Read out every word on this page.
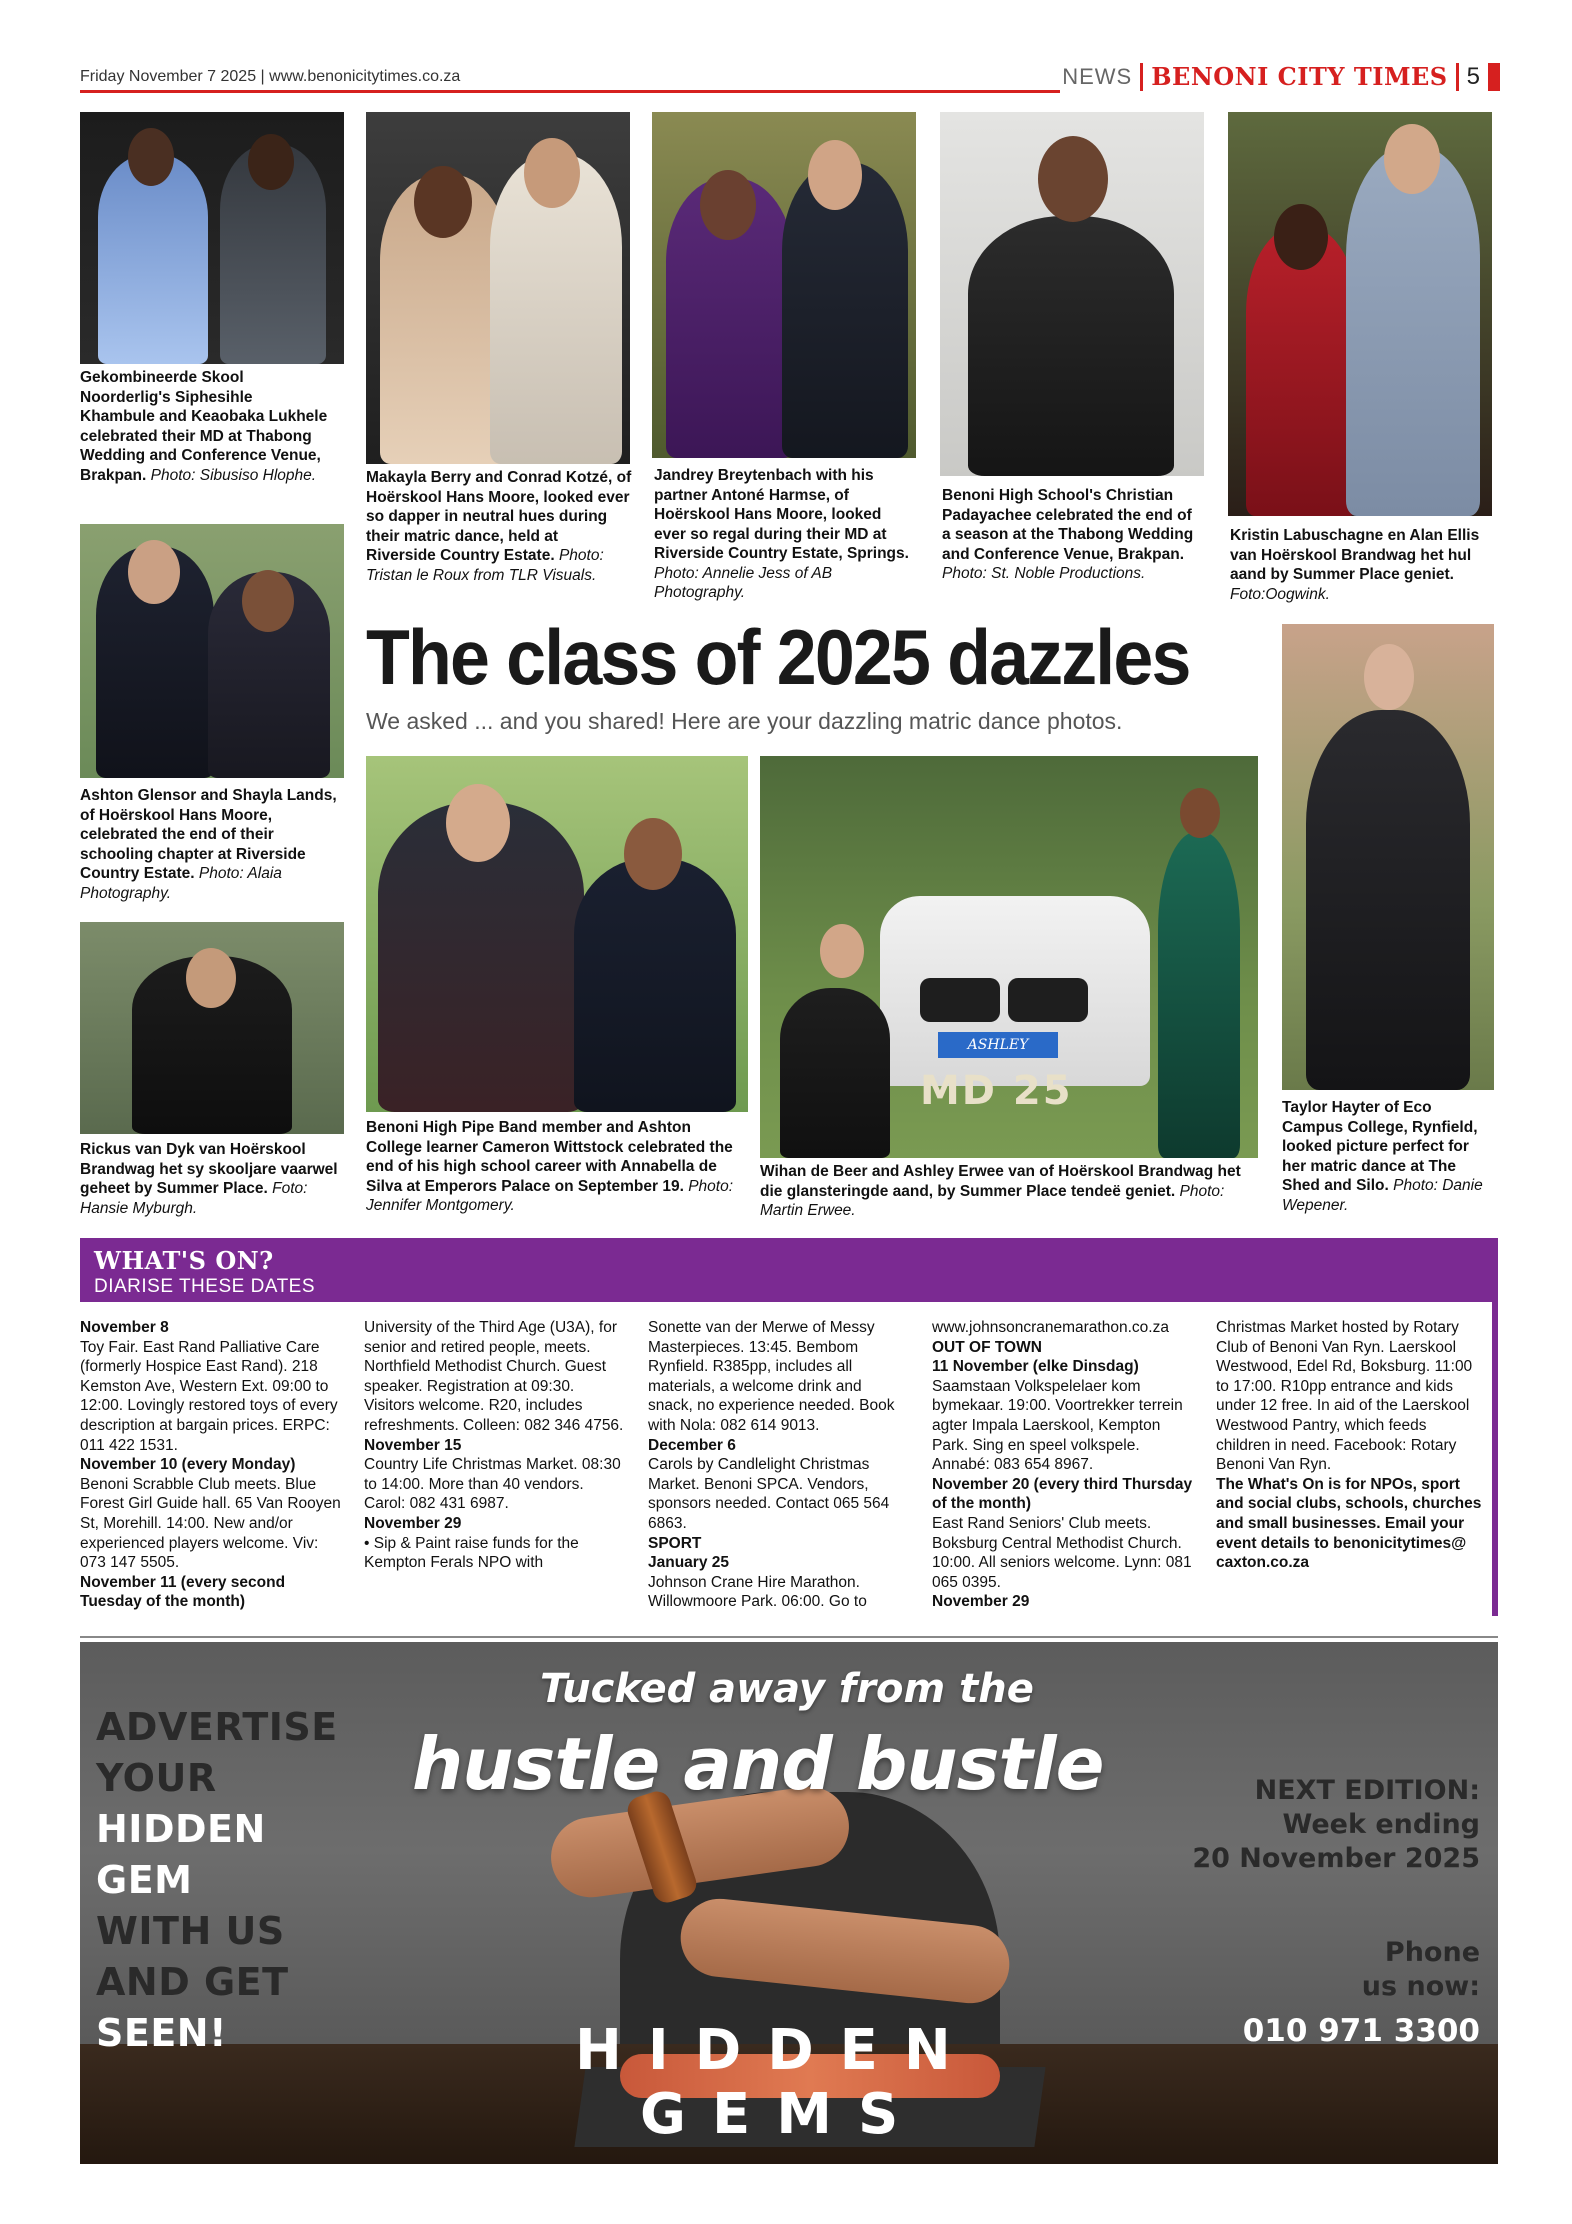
Friday November 7 2025 | www.benonicitytimes.co.za	NEWS BENONI CITY TIMES 5
Gekombineerde Skool Noorderlig's Siphesihle Khambule and Keaobaka Lukhele celebrated their MD at Thabong Wedding and Conference Venue, Brakpan. Photo: Sibusiso Hlophe.	Makayla Berry and Conrad Kotzé, of Hoërskool Hans Moore, looked ever so dapper in neutral hues during their matric dance, held at Riverside Country Estate. Photo: Tristan le Roux from TLR Visuals.
Jandrey Breytenbach with his partner Antoné Harmse, of Hoërskool Hans Moore, looked ever so regal during their MD at Riverside Country Estate, Springs. Photo: Annelie Jess of AB Photography.
Benoni High School's Christian Padayachee celebrated the end of a season at the Thabong Wedding and Conference Venue, Brakpan. Photo: St. Noble Productions.
Kristin Labuschagne en Alan Ellis van Hoërskool Brandwag het hul aand by Summer Place geniet. Foto:Oogwink.
Ashton Glensor and Shayla Lands, of Hoërskool Hans Moore, celebrated the end of their schooling chapter at Riverside Country Estate. Photo: Alaia Photography.
Rickus van Dyk van Hoërskool Brandwag het sy skooljare vaarwel geheet by Summer Place. Foto: Hansie Myburgh.
Benoni High Pipe Band member and Ashton College learner Cameron Wittstock celebrated the end of his high school career with Annabella de Silva at Emperors Palace on September 19. Photo: Jennifer Montgomery.
ASHLEY
MD 25
Wihan de Beer and Ashley Erwee van of Hoërskool Brandwag het die glansteringde aand, by Summer Place tendeë geniet. Photo: Martin Erwee.
Taylor Hayter of Eco Campus College, Rynfield, looked picture perfect for her matric dance at The Shed and Silo. Photo: Danie Wepener.
The class of 2025 dazzles
We asked ... and you shared! Here are your dazzling matric dance photos.
WHAT'S ON?
DIARISE THESE DATES

November 8

Toy Fair. East Rand Palliative Care (formerly Hospice East Rand). 218 Kemston Ave, Western Ext. 09:00 to 12:00. Lovingly restored toys of every description at bargain prices. ERPC: 011 422 1531.

November 10 (every Monday)

Benoni Scrabble Club meets. Blue Forest Girl Guide hall. 65 Van Rooyen St, Morehill. 14:00. New and/or experienced players welcome. Viv: 073 147 5505.

November 11 (every second Tuesday of the month)

University of the Third Age (U3A), for senior and retired people, meets. Northfield Methodist Church. Guest speaker. Registration at 09:30. Visitors welcome. R20, includes refreshments. Colleen: 082 346 4756.

November 15

Country Life Christmas Market. 08:30 to 14:00. More than 40 vendors. Carol: 082 431 6987.

November 29

• Sip & Paint raise funds for the Kempton Ferals NPO with

Sonette van der Merwe of Messy Masterpieces. 13:45. Bembom Rynfield. R385pp, includes all materials, a welcome drink and snack, no experience needed. Book with Nola: 082 614 9013.

December 6

Carols by Candlelight Christmas Market. Benoni SPCA. Vendors, sponsors needed. Contact 065 564 6863.

SPORT

January 25

Johnson Crane Hire Marathon. Willowmoore Park. 06:00. Go to

www.johnsoncranemarathon.co.za

OUT OF TOWN

11 November (elke Dinsdag)

Saamstaan Volkspelelaer kom bymekaar. 19:00. Voortrekker terrein agter Impala Laerskool, Kempton Park. Sing en speel volkspele. Annabé: 083 654 8967.

November 20 (every third Thursday of the month)

East Rand Seniors' Club meets. Boksburg Central Methodist Church. 10:00. All seniors welcome. Lynn: 081 065 0395.

November 29

Christmas Market hosted by Rotary Club of Benoni Van Ryn. Laerskool Westwood, Edel Rd, Boksburg. 11:00 to 17:00. R10pp entrance and kids under 12 free. In aid of the Laerskool Westwood Pantry, which feeds children in need. Facebook: Rotary Benoni Van Ryn.

The What's On is for NPOs, sport and social clubs, schools, churches and small businesses. Email your event details to benonicitytimes@ caxton.co.za

ADVERTISE
YOUR
HIDDEN
GEM
WITH US
AND GET
SEEN!
Tucked away from the
hustle and bustle
HIDDEN
GEMS
NEXT EDITION:
Week ending
20 November 2025
Phone
us now:
010 971 3300
